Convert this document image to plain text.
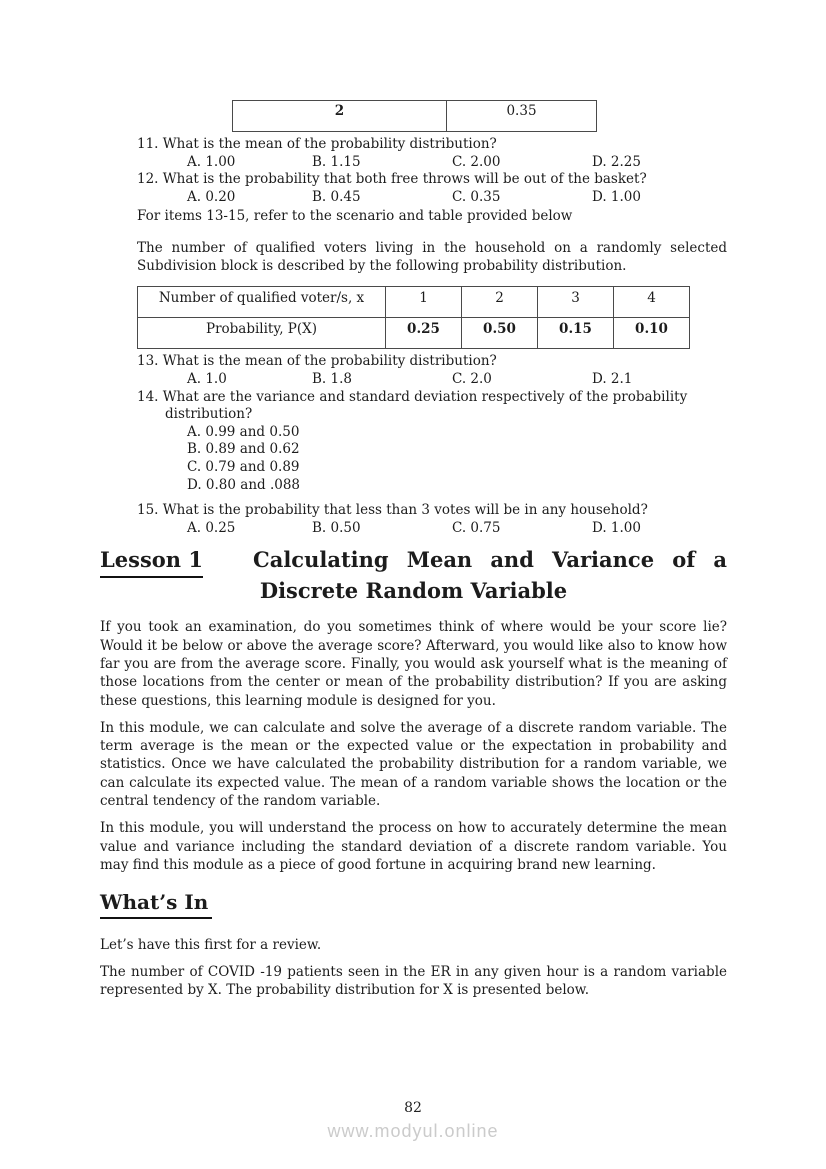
2	0.35
11. What is the mean of the probability distribution?
A. 1.00	B. 1.15	C. 2.00	D. 2.25
12. What is the probability that both free throws will be out of the basket?
A. 0.20	B. 0.45	C. 0.35	D. 1.00
For items 13-15, refer to the scenario and table provided below
The number of qualified voters living in the household on a randomly selected Subdivision block is described by the following probability distribution.
Number of qualified voter/s, x	1	2	3	4
Probability, P(X)	0.25	0.50	0.15	0.10
13. What is the mean of the probability distribution?
A. 1.0	B. 1.8	C. 2.0	D. 2.1
14. What are the variance and standard deviation respectively of the probability distribution?
A. 0.99 and 0.50
B. 0.89 and 0.62
C. 0.79 and 0.89
D. 0.80 and .088
15. What is the probability that less than 3 votes will be in any household?
A. 0.25	B. 0.50	C. 0.75	D. 1.00
Lesson 1 Calculating Mean and Variance of a
Discrete Random Variable
If you took an examination, do you sometimes think of where would be your score lie? Would it be below or above the average score? Afterward, you would like also to know how far you are from the average score. Finally, you would ask yourself what is the meaning of those locations from the center or mean of the probability distribution? If you are asking these questions, this learning module is designed for you.
In this module, we can calculate and solve the average of a discrete random variable. The term average is the mean or the expected value or the expectation in probability and statistics. Once we have calculated the probability distribution for a random variable, we can calculate its expected value. The mean of a random variable shows the location or the central tendency of the random variable.
In this module, you will understand the process on how to accurately determine the mean value and variance including the standard deviation of a discrete random variable. You may find this module as a piece of good fortune in acquiring brand new learning.
What’s In
Let’s have this first for a review.
The number of COVID -19 patients seen in the ER in any given hour is a random variable represented by X. The probability distribution for X is presented below.
82
www.modyul.online
